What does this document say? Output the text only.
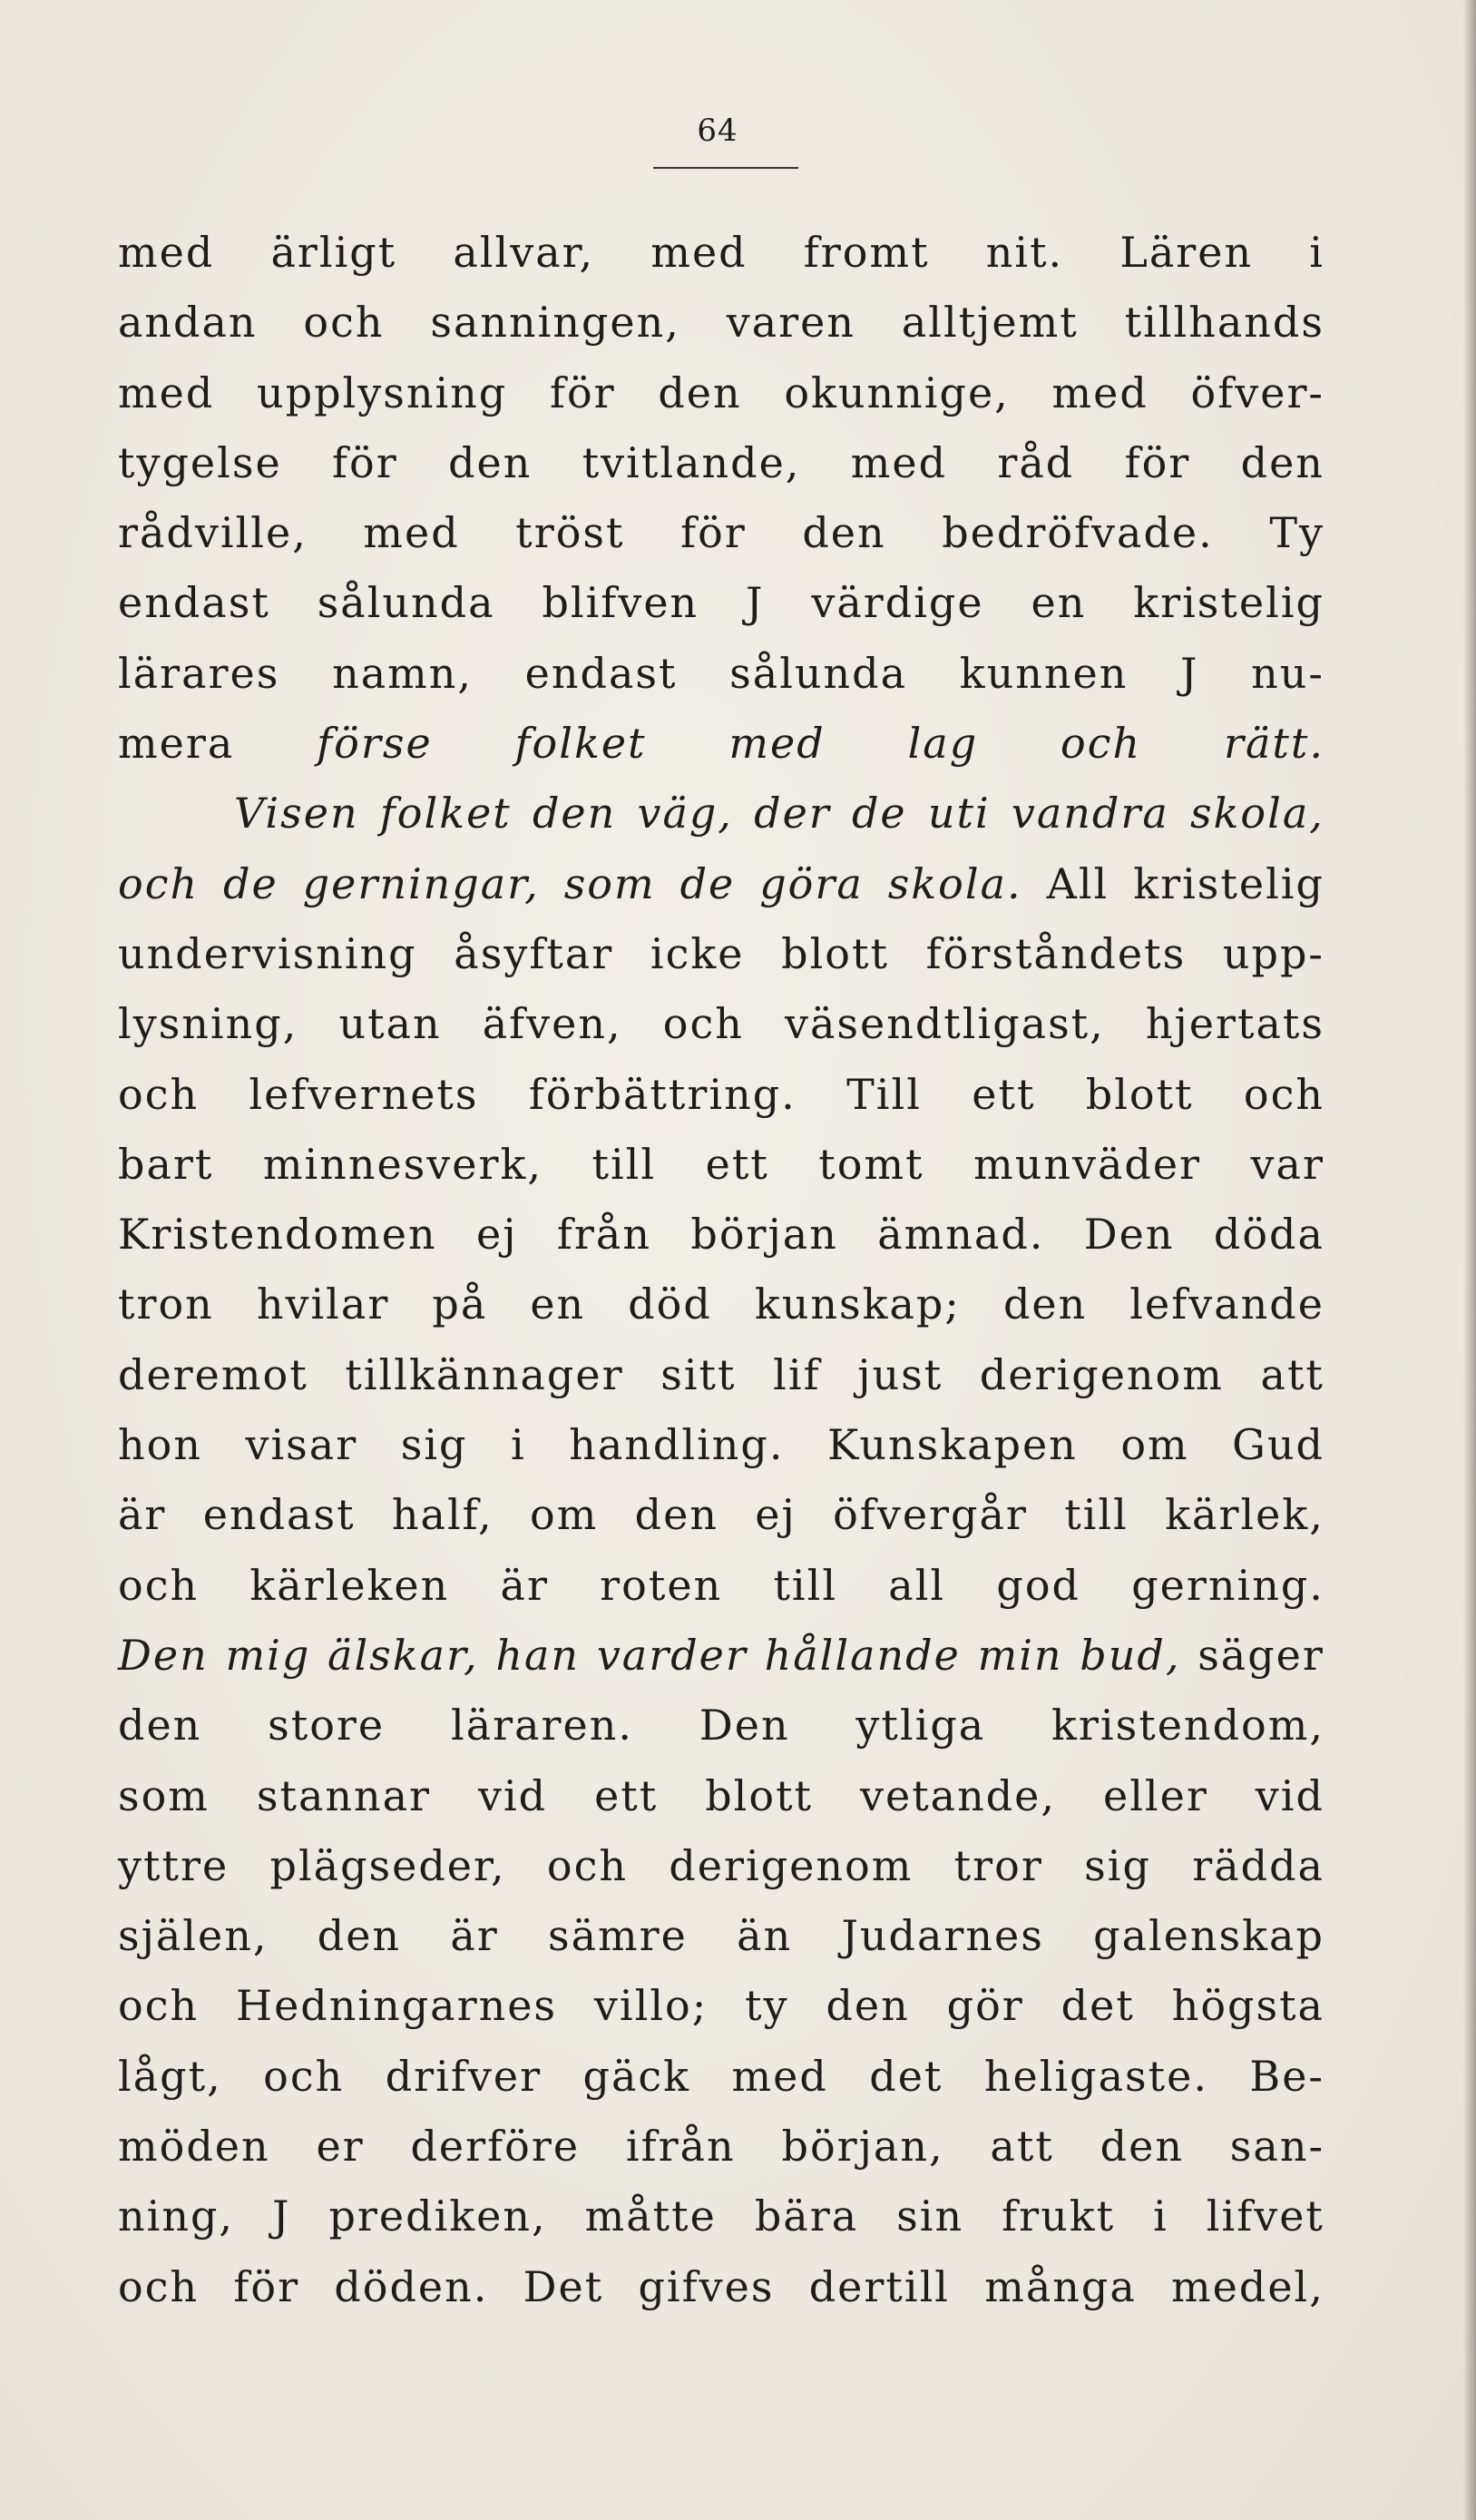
64
med ärligt allvar, med fromt nit. Lären i
andan och sanningen, varen alltjemt tillhands
med upplysning för den okunnige, med öfver-
tygelse för den tvitlande, med råd för den
rådville, med tröst för den bedröfvade. Ty
endast sålunda blifven J värdige en kristelig
lärares namn, endast sålunda kunnen J nu-
mera förse folket med lag och rätt.
Visen folket den väg, der de uti vandra skola,
och de gerningar, som de göra skola. All kristelig
undervisning åsyftar icke blott förståndets upp-
lysning, utan äfven, och väsendtligast, hjertats
och lefvernets förbättring. Till ett blott och
bart minnesverk, till ett tomt munväder var
Kristendomen ej från början ämnad. Den döda
tron hvilar på en död kunskap; den lefvande
deremot tillkännager sitt lif just derigenom att
hon visar sig i handling. Kunskapen om Gud
är endast half, om den ej öfvergår till kärlek,
och kärleken är roten till all god gerning.
Den mig älskar, han varder hållande min bud, säger
den store läraren. Den ytliga kristendom,
som stannar vid ett blott vetande, eller vid
yttre plägseder, och derigenom tror sig rädda
själen, den är sämre än Judarnes galenskap
och Hedningarnes villo; ty den gör det högsta
lågt, och drifver gäck med det heligaste. Be-
möden er derföre ifrån början, att den san-
ning, J prediken, måtte bära sin frukt i lifvet
och för döden. Det gifves dertill många medel,
